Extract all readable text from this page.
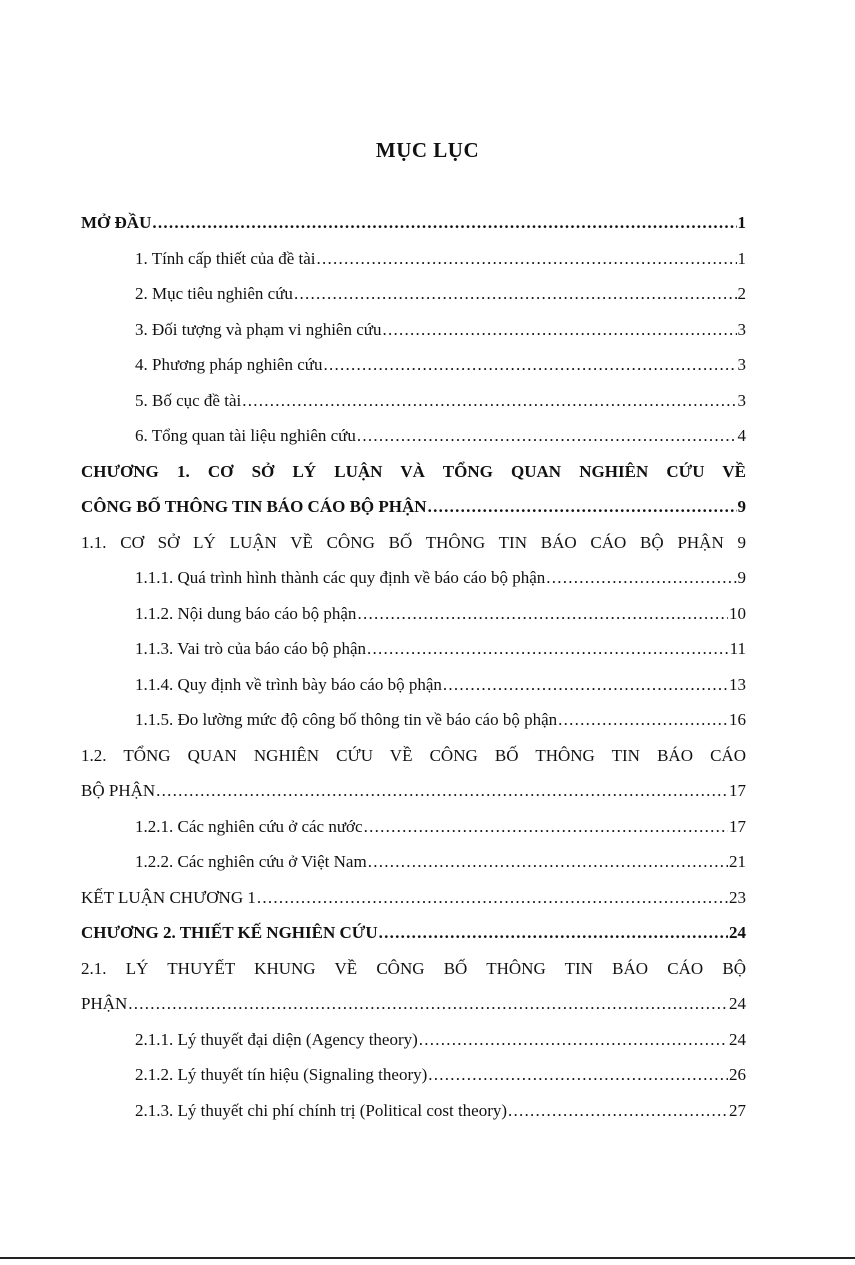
MỤC LỤC
MỞ ĐẦU . . .	1
1. Tính cấp thiết của đề tài . . .	1
2. Mục tiêu nghiên cứu . . .	2
3. Đối tượng và phạm vi nghiên cứu . . .	3
4. Phương pháp nghiên cứu . . .	3
5. Bố cục đề tài . . .	3
6. Tổng quan tài liệu nghiên cứu . . .	4
CHƯƠNG 1. CƠ SỞ LÝ LUẬN VÀ TỔNG QUAN NGHIÊN CỨU VỀ
CÔNG BỐ THÔNG TIN BÁO CÁO BỘ PHẬN . . .	9
1.1. CƠ SỞ LÝ LUẬN VỀ CÔNG BỐ THÔNG TIN BÁO CÁO BỘ PHẬN 9
1.1.1. Quá trình hình thành các quy định về báo cáo bộ phận . . .	9
1.1.2. Nội dung báo cáo bộ phận . . .	10
1.1.3. Vai trò của báo cáo bộ phận . . .	11
1.1.4. Quy định về trình bày báo cáo bộ phận . . .	13
1.1.5. Đo lường mức độ công bố thông tin về báo cáo bộ phận . . .	16
1.2. TỔNG QUAN NGHIÊN CỨU VỀ CÔNG BỐ THÔNG TIN BÁO CÁO
BỘ PHẬN . . .	17
1.2.1. Các nghiên cứu ở các nước . . .	17
1.2.2. Các nghiên cứu ở Việt Nam . . .	21
KẾT LUẬN CHƯƠNG 1 . . .	23
CHƯƠNG 2. THIẾT KẾ NGHIÊN CỨU . . .	24
2.1. LÝ THUYẾT KHUNG VỀ CÔNG BỐ THÔNG TIN BÁO CÁO BỘ
PHẬN . . .	24
2.1.1. Lý thuyết đại diện (Agency theory) . . .	24
2.1.2. Lý thuyết tín hiệu (Signaling theory) . . .	26
2.1.3. Lý thuyết chi phí chính trị (Political cost theory) . . .	27
